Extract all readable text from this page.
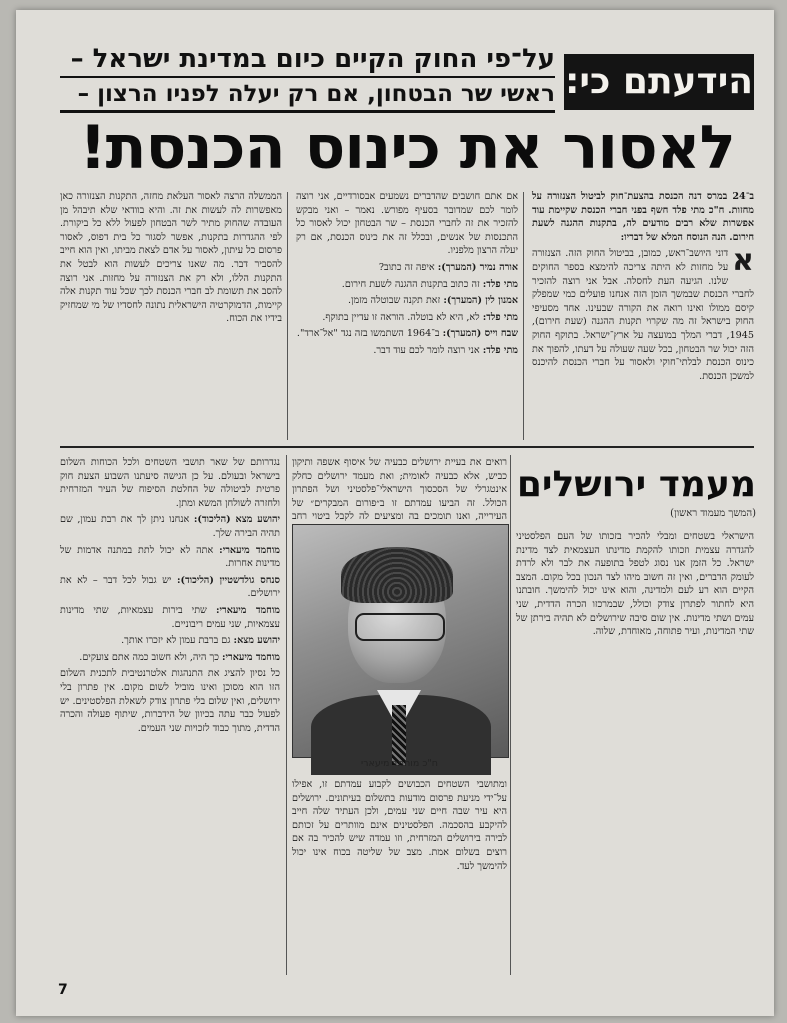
על־פי החוק הקיים כיום במדינת ישראל –
ראשי שר הבטחון, אם רק יעלה לפניו הרצון – הידעתם כי:
לאסור את כינוס הכנסת!

ב־24 במרס דנה הכנסת בהצעת־חוק לביטול הצנזורה על מחזות. ח"כ מתי פלד חשף בפני חברי הכנסת שקיימת עוד אפשרות שלא רבים מודעים לה, בתקנות ההגנה לשעת חירום. הנה הנוסח המלא של דבריו:

א
דוני היושב־ראש, כמובן, בביטול החוק הזה. הצנזורה על מחזות לא היתה צריכה להימצא בספר החוקים שלנו. הגיעה העת לחסלה. אבל אני רוצה להזכיר לחברי הכנסת שבמשך הזמן הזה אנחנו פועלים כמי שמפלק קיסם ממולו ואינו רואה את הקורה שבעינו. אחד מסעיפי החוק בישראל זה מה שקרוי תקנות ההגנה (שעת חירום), 1945, דברי המלך במועצה על ארץ־ישראל. בתוקף החוק הזה יכול שר הבטחון, בכל שעה שעולה על דעתו, להפוך את כינוס הכנסת לבלתי־חוקי ולאסור על חברי הכנסת להיכנס למשכן הכנסת.

אם אתם חושבים שהדברים נשמעים אבסורדיים, אני רוצה לומר לכם שמדובר בסעיף מפורש. נאמר – ואני מבקש להזכיר את זה לחברי הכנסת – שר הבטחון יכול לאסור כל התכנסות של אנשים, ובכלל זה את כינוס הכנסת, אם רק יעלה הרצון מלפניו.

אורה נמיר (המערך): איפה זה כתוב?

מתי פלד: זה כתוב בתקנות ההגנה לשעת חירום.

אמנון לין (המערך): זאת תקנה שבוטלה מזמן.

מתי פלד: לא, היא לא בוטלה. הוראה זו עדיין בתוקף.

שבח וייס (המערך): ב־1964 השתמשו בזה נגד "אל־ארד".

מתי פלד: אני רוצה לומר לכם עוד דבר.

הממשלה הרצה לאסור העלאת מחזה, התקנות הצנזורה כאן מאפשרות לה לעשות את זה. והיא בוודאי שלא תיבהל מן העובדה שהחוק מתיר לשר הבטחון לפעול ללא כל ביקורת. לפי ההגדרות בתקנות, אפשר לסגור כל בית דפוס, לאסור פרסום כל עיתון, לאסור על אדם לצאת מביתו, ואין הוא חייב להסביר דבר. מה שאנו צריכים לעשות הוא לבטל את התקנות הללו, ולא רק את הצנזורה על מחזות. אני רוצה להסב את תשומת לב חברי הכנסת לכך שכל עוד תקנות אלה קיימות, הדמוקרטיה הישראלית נתונה לחסדיו של מי שמחזיק בידיו את הכוח.

מעמד ירושלים
(המשך מעמוד ראשון)

הישראלי בשטחים ומבלי להכיר בזכותו של העם הפלסטיני להגדרה עצמית וזכותו להקמת מדינתו העצמאית לצד מדינת ישראל. כל הזמן אנו נסוג לטפל בתופעה את לבר ולא לרדת לעומק הדברים, ואין זה חשוב מיהו לצד הנכון בכל מקום. המצב הקיים הוא רע לעם ולמדינה, והוא אינו יכול להימשך. חובתנו היא לחתור לפתרון צודק וכולל, שבמרכזו הכרה הדדית, שני עמים ושתי מדינות. אין שום סיבה שירושלים לא תהיה בירתן של שתי המדינות, ועיר פתוחה, מאוחדת, שלוה.

רואים את בעיית ירושלים כבעיה של איסוף אשפה ותיקון כביש, אלא כבעיה לאומית; ואת מעמד ירושלים כחלק אינטגרלי של הסכסוך הישראלי־פלסטיני ושל הפתרון הכולל. זה הביעו עמדתם זו ב״פורום המבקרים״ של העירייה, ואנו תומכים בה ומציעים לה לקבל ביטוי רחב

ח"כ מוחמד מיעארי

ומתושבי השטחים הכבושים לקבוע עמדתם זו, אפילו על־ידי מניעת פרסום מודעות בתשלום בעיתונים. ירושלים היא עיר שבה חיים שני עמים, ולכן העתיד שלה חייב להיקבע בהסכמה. הפלסטינים אינם מוותרים על זכותם לבירה בירושלים המזרחית, וזו עמדה שיש להכיר בה אם רוצים בשלום אמת. מצב של שליטה בכוח אינו יכול להימשך לעד.

נגדרותם של שאר תושבי השטחים ולכל הכוחות השלום בישראל ובעולם. על כן הגישה סיעתנו השבוע הצעת חוק פרטית לביטולה של החלטת הסיפוח של העיר המזרחית ולחזרה לשולחן המשא ומתן.

יהושע מצא (הליכוד): אנחנו ניתן לך את רבת עמון, שם תהיה הבירה שלך.

מוחמד מיעארי: אתה לא יכול לתת במתנה אדמות של מדינות אחרות.

סנחס גולדשטיין (הליכוד): יש גבול לכל דבר – לא את ירושלים.

מוחמד מיעארי: שתי בירות עצמאיות, שתי מדינות עצמאיות, שני עמים ריבוניים.

יהושע מצא: גם ברבת עמון לא יזכרו אותך.

מוחמד מיעארי: כך היה, ולא חשוב כמה אתם צועקים.

כל נסיון להציג את התנהגות אלטרנטיבית לתכנית השלום הזו הוא מסוכן ואינו מוביל לשום מקום. אין פתרון בלי ירושלים, ואין שלום בלי פתרון צודק לשאלת הפלסטינים. יש לפעול כבר עתה בכיוון של הידברות, שיתוף פעולה והכרה הדדית, מתוך כבוד לזכויות שני העמים.

7
